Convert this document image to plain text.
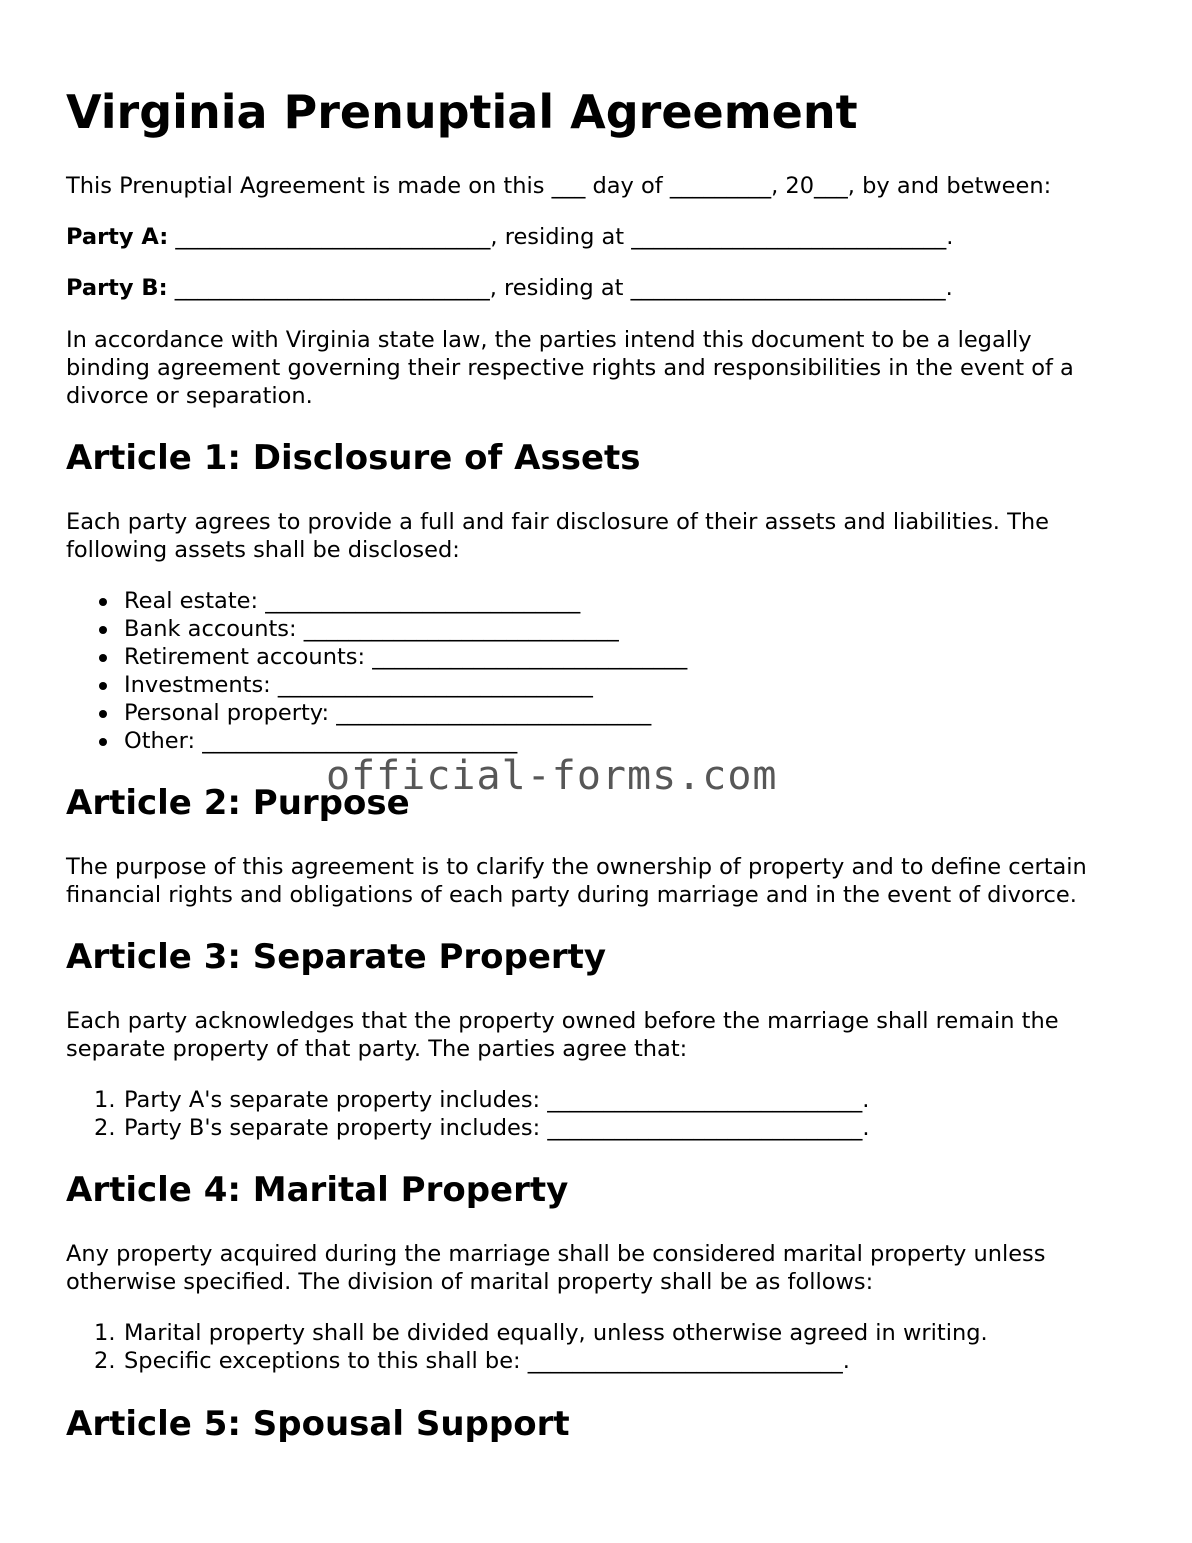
Virginia Prenuptial Agreement

This Prenuptial Agreement is made on this ___ day of _________, 20___, by and between:

Party A: ____________________________, residing at ____________________________.

Party B: ____________________________, residing at ____________________________.

In accordance with Virginia state law, the parties intend this document to be a legally binding agreement governing their respective rights and responsibilities in the event of a divorce or separation.

Article 1: Disclosure of Assets

Each party agrees to provide a full and fair disclosure of their assets and liabilities. The following assets shall be disclosed:

Real estate: ____________________________
Bank accounts: ____________________________
Retirement accounts: ____________________________
Investments: ____________________________
Personal property: ____________________________
Other: ____________________________
Article 2: Purpose

The purpose of this agreement is to clarify the ownership of property and to define certain financial rights and obligations of each party during marriage and in the event of divorce.

Article 3: Separate Property

Each party acknowledges that the property owned before the marriage shall remain the separate property of that party. The parties agree that:

1. Party A's separate property includes: ____________________________.
2. Party B's separate property includes: ____________________________.
Article 4: Marital Property

Any property acquired during the marriage shall be considered marital property unless otherwise specified. The division of marital property shall be as follows:

1. Marital property shall be divided equally, unless otherwise agreed in writing.
2. Specific exceptions to this shall be: ____________________________.
Article 5: Spousal Support
official-forms.com
